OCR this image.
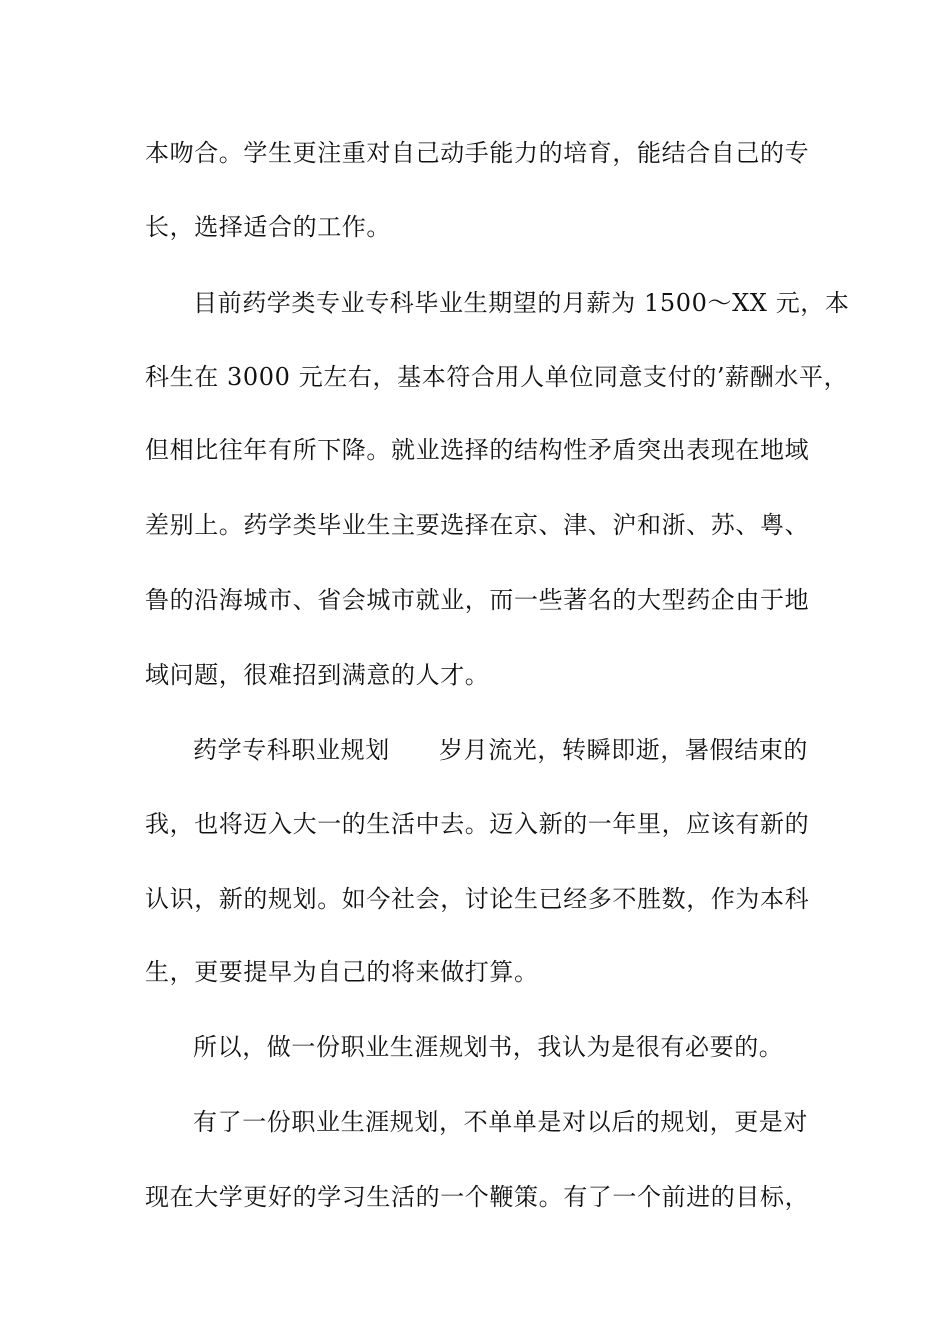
本吻合。学生更注重对自己动手能力的培育，能结合自己的专
长，选择适合的工作。
目前药学类专业专科毕业生期望的月薪为 1500～XX 元，本
科生在 3000 元左右，基本符合用人单位同意支付的’薪酬水平，
但相比往年有所下降。就业选择的结构性矛盾突出表现在地域
差别上。药学类毕业生主要选择在京、津、沪和浙、苏、粤、
鲁的沿海城市、省会城市就业，而一些著名的大型药企由于地
域问题，很难招到满意的人才。
药学专科职业规划　　岁月流光，转瞬即逝，暑假结束的
我，也将迈入大一的生活中去。迈入新的一年里，应该有新的
认识，新的规划。如今社会，讨论生已经多不胜数，作为本科
生，更要提早为自己的将来做打算。
所以，做一份职业生涯规划书，我认为是很有必要的。
有了一份职业生涯规划，不单单是对以后的规划，更是对
现在大学更好的学习生活的一个鞭策。有了一个前进的目标，
